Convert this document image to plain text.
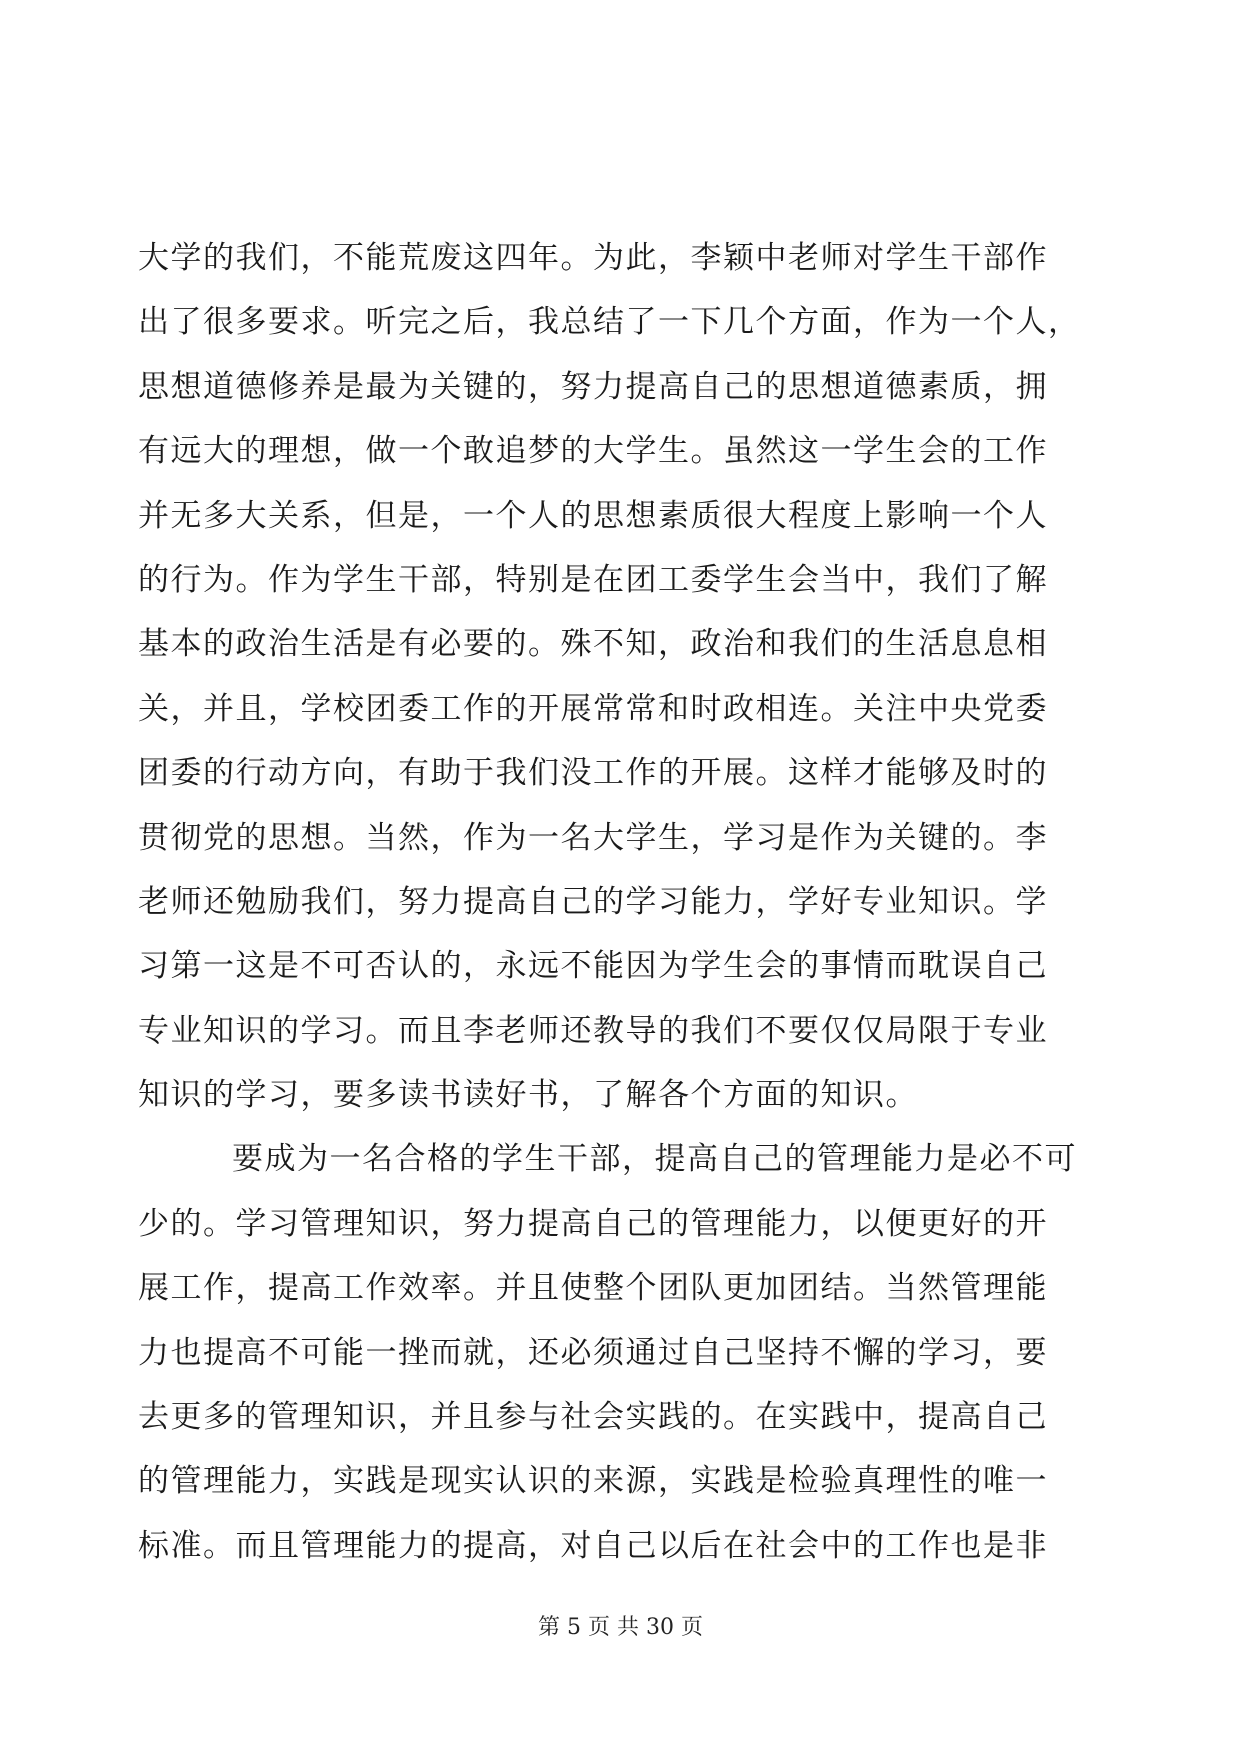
大学的我们，不能荒废这四年。为此，李颖中老师对学生干部作
出了很多要求。听完之后，我总结了一下几个方面，作为一个人，
思想道德修养是最为关键的，努力提高自己的思想道德素质，拥
有远大的理想，做一个敢追梦的大学生。虽然这一学生会的工作
并无多大关系，但是，一个人的思想素质很大程度上影响一个人
的行为。作为学生干部，特别是在团工委学生会当中，我们了解
基本的政治生活是有必要的。殊不知，政治和我们的生活息息相
关，并且，学校团委工作的开展常常和时政相连。关注中央党委
团委的行动方向，有助于我们没工作的开展。这样才能够及时的
贯彻党的思想。当然，作为一名大学生，学习是作为关键的。李
老师还勉励我们，努力提高自己的学习能力，学好专业知识。学
习第一这是不可否认的，永远不能因为学生会的事情而耽误自己
专业知识的学习。而且李老师还教导的我们不要仅仅局限于专业
知识的学习，要多读书读好书，了解各个方面的知识。
要成为一名合格的学生干部，提高自己的管理能力是必不可
少的。学习管理知识，努力提高自己的管理能力，以便更好的开
展工作，提高工作效率。并且使整个团队更加团结。当然管理能
力也提高不可能一挫而就，还必须通过自己坚持不懈的学习，要
去更多的管理知识，并且参与社会实践的。在实践中，提高自己
的管理能力，实践是现实认识的来源，实践是检验真理性的唯一
标准。而且管理能力的提高，对自己以后在社会中的工作也是非
第 5 页 共 30 页
